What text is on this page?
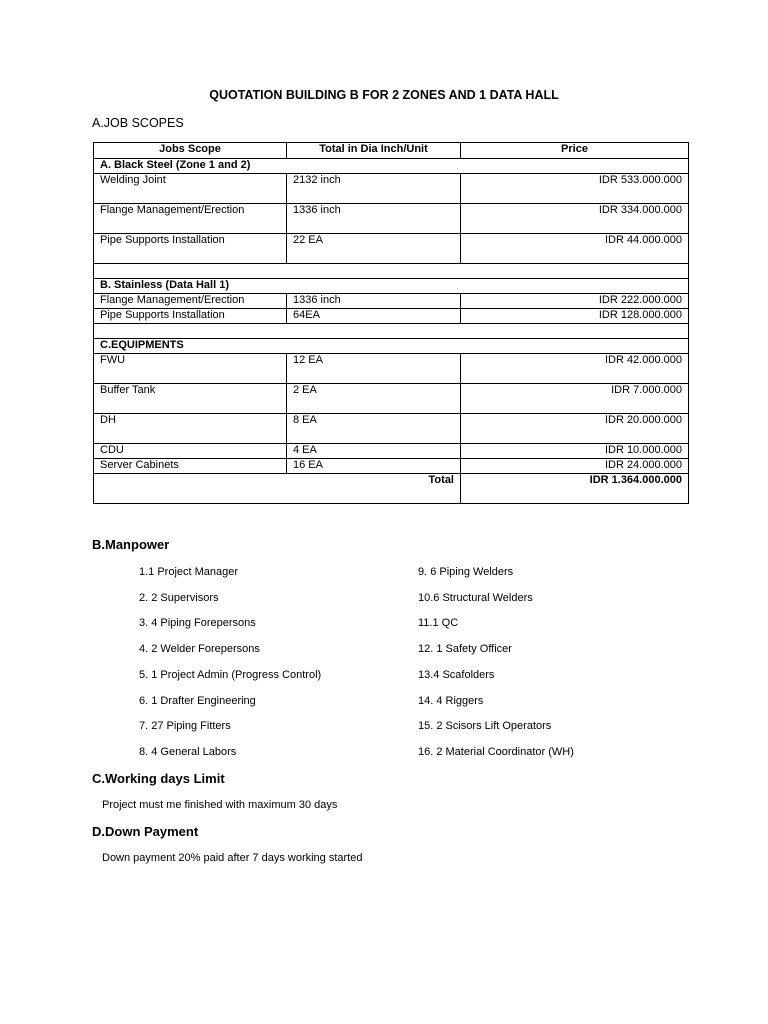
QUOTATION BUILDING B FOR 2 ZONES AND 1 DATA HALL
A.JOB SCOPES
Jobs Scope	Total in Dia Inch/Unit	Price
A. Black Steel (Zone 1 and 2)		
Welding Joint	2132 inch	IDR 533.000.000
Flange Management/Erection	1336 inch	IDR 334.000.000
Pipe Supports Installation	22 EA	IDR 44.000.000

B. Stainless (Data Hall 1)		
Flange Management/Erection	1336 inch	IDR 222.000.000
Pipe Supports Installation	64EA	IDR 128.000.000

C.EQUIPMENTS		
FWU	12 EA	IDR 42.000.000
Buffer Tank	2 EA	IDR 7.000.000
DH	8 EA	IDR 20.000.000
CDU	4 EA	IDR 10.000.000
Server Cabinets	16 EA	IDR 24.000.000
Total		IDR 1.364.000.000
B.Manpower
1.1 Project Manager
2. 2 Supervisors
3. 4 Piping Forepersons
4. 2 Welder Forepersons
5. 1 Project Admin (Progress Control)
6. 1 Drafter Engineering
7. 27 Piping Fitters
8. 4 General Labors
9. 6 Piping Welders
10.6 Structural Welders
11.1 QC
12. 1 Safety Officer
13.4 Scafolders
14. 4 Riggers
15. 2 Scisors Lift Operators
16. 2 Material Coordinator (WH)
C.Working days Limit
Project must me finished with maximum 30 days
D.Down Payment
Down payment 20% paid after 7 days working started
